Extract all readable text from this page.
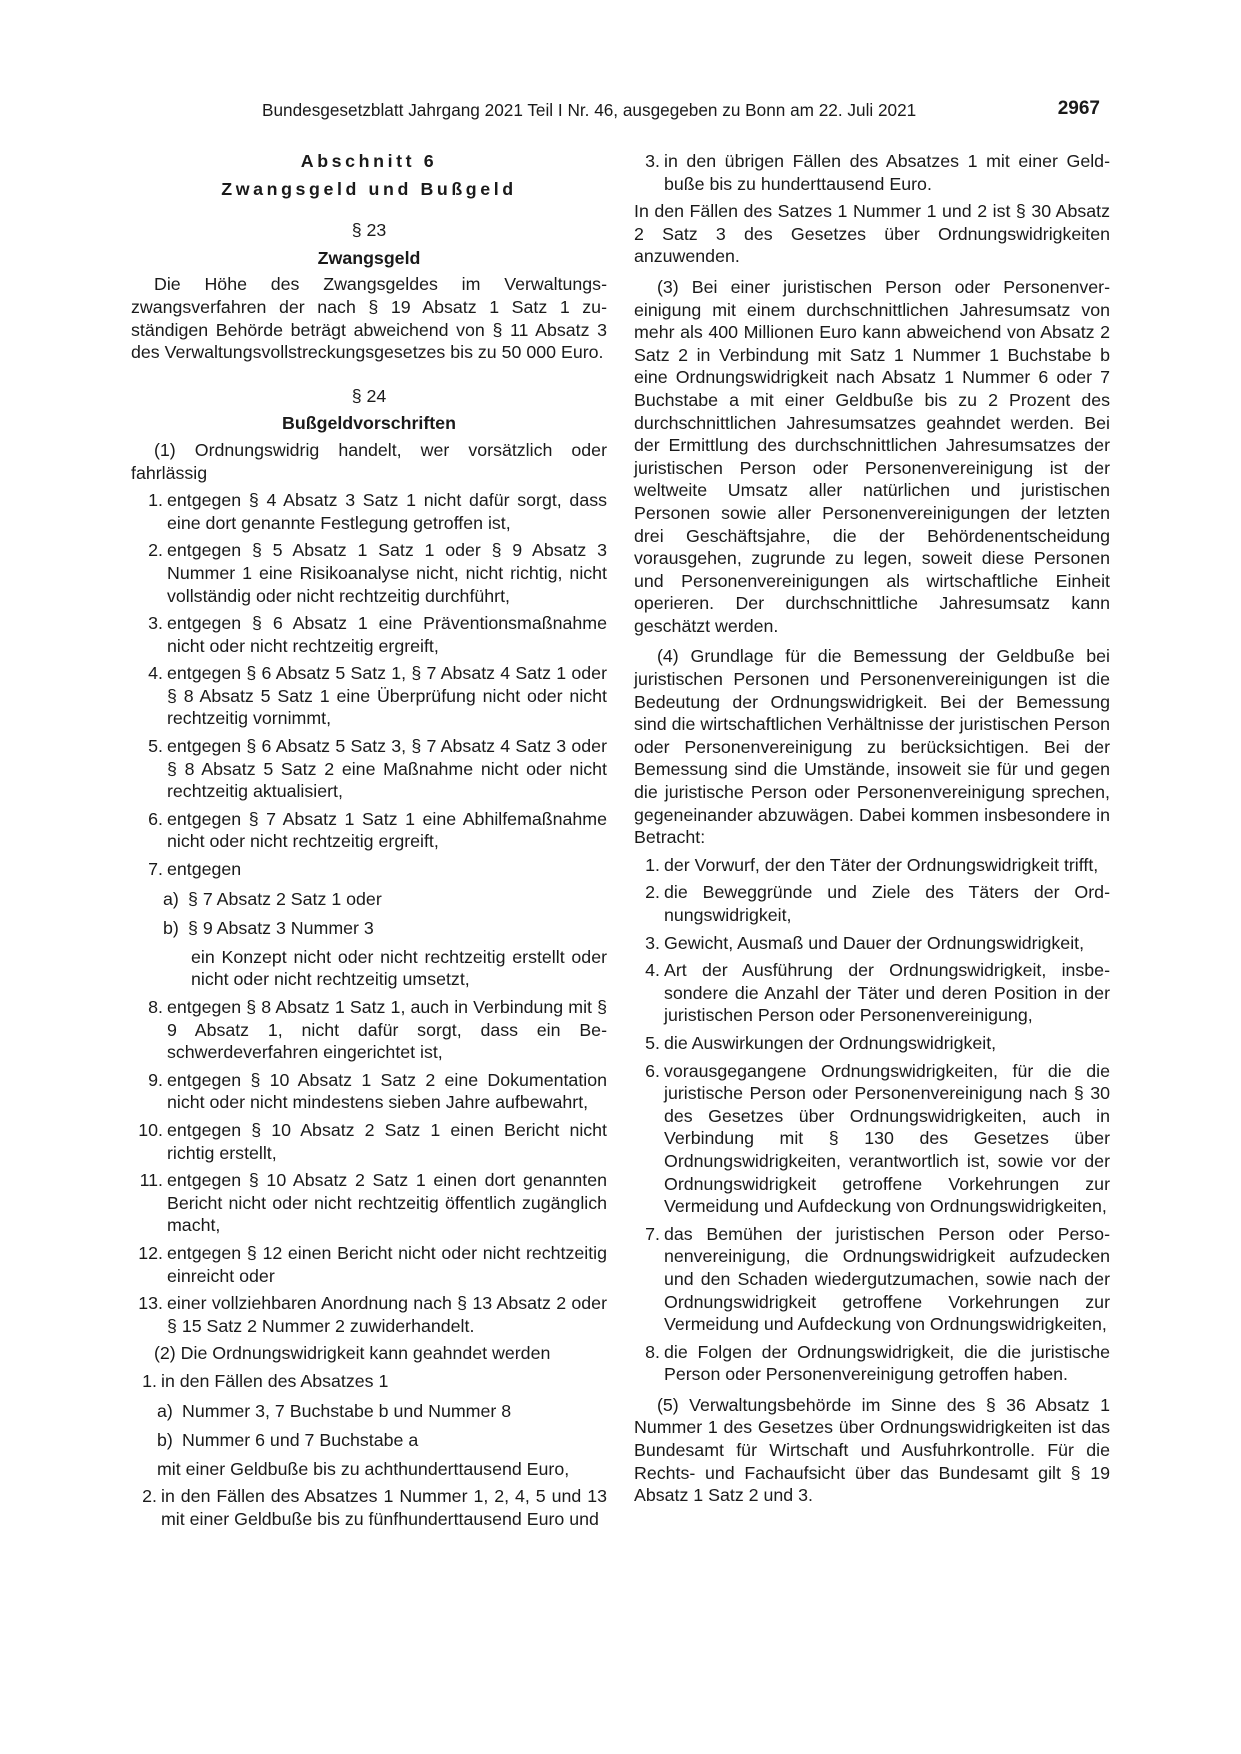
Bundesgesetzblatt Jahrgang 2021 Teil I Nr. 46, ausgegeben zu Bonn am 22. Juli 2021	2967

Abschnitt 6

Zwangsgeld und Bußgeld

§ 23

Zwangsgeld

Die Höhe des Zwangsgeldes im Verwaltungszwangsverfahren der nach § 19 Absatz 1 Satz 1 zuständigen Behörde beträgt abweichend von § 11 Absatz 3 des Verwaltungsvollstreckungsgesetzes bis zu 50 000 Euro.

§ 24

Bußgeldvorschriften

(1) Ordnungswidrig handelt, wer vorsätzlich oder fahrlässig

1. entgegen § 4 Absatz 3 Satz 1 nicht dafür sorgt, dass eine dort genannte Festlegung getroffen ist,
2. entgegen § 5 Absatz 1 Satz 1 oder § 9 Absatz 3 Nummer 1 eine Risikoanalyse nicht, nicht richtig, nicht vollständig oder nicht rechtzeitig durchführt,
3. entgegen § 6 Absatz 1 eine Präventionsmaßnahme nicht oder nicht rechtzeitig ergreift,
4. entgegen § 6 Absatz 5 Satz 1, § 7 Absatz 4 Satz 1 oder § 8 Absatz 5 Satz 1 eine Überprüfung nicht oder nicht rechtzeitig vornimmt,
5. entgegen § 6 Absatz 5 Satz 3, § 7 Absatz 4 Satz 3 oder § 8 Absatz 5 Satz 2 eine Maßnahme nicht oder nicht rechtzeitig aktualisiert,
6. entgegen § 7 Absatz 1 Satz 1 eine Abhilfemaßnahme nicht oder nicht rechtzeitig ergreift,
7. entgegen
a) § 7 Absatz 2 Satz 1 oder
b) § 9 Absatz 3 Nummer 3

ein Konzept nicht oder nicht rechtzeitig erstellt oder nicht oder nicht rechtzeitig umsetzt,

8. entgegen § 8 Absatz 1 Satz 1, auch in Verbindung mit § 9 Absatz 1, nicht dafür sorgt, dass ein Beschwerdeverfahren eingerichtet ist,
9. entgegen § 10 Absatz 1 Satz 2 eine Dokumentation nicht oder nicht mindestens sieben Jahre aufbewahrt,
10. entgegen § 10 Absatz 2 Satz 1 einen Bericht nicht richtig erstellt,
11. entgegen § 10 Absatz 2 Satz 1 einen dort genannten Bericht nicht oder nicht rechtzeitig öffentlich zugänglich macht,
12. entgegen § 12 einen Bericht nicht oder nicht rechtzeitig einreicht oder
13. einer vollziehbaren Anordnung nach § 13 Absatz 2 oder § 15 Satz 2 Nummer 2 zuwiderhandelt.

(2) Die Ordnungswidrigkeit kann geahndet werden

1. in den Fällen des Absatzes 1
a) Nummer 3, 7 Buchstabe b und Nummer 8
b) Nummer 6 und 7 Buchstabe a

mit einer Geldbuße bis zu achthunderttausend Euro,

2. in den Fällen des Absatzes 1 Nummer 1, 2, 4, 5 und 13 mit einer Geldbuße bis zu fünfhunderttausend Euro und
3. in den übrigen Fällen des Absatzes 1 mit einer Geldbuße bis zu hunderttausend Euro.

In den Fällen des Satzes 1 Nummer 1 und 2 ist § 30 Absatz 2 Satz 3 des Gesetzes über Ordnungswidrigkeiten anzuwenden.

(3) Bei einer juristischen Person oder Personenvereinigung mit einem durchschnittlichen Jahresumsatz von mehr als 400 Millionen Euro kann abweichend von Absatz 2 Satz 2 in Verbindung mit Satz 1 Nummer 1 Buchstabe b eine Ordnungswidrigkeit nach Absatz 1 Nummer 6 oder 7 Buchstabe a mit einer Geldbuße bis zu 2 Prozent des durchschnittlichen Jahresumsatzes geahndet werden. Bei der Ermittlung des durchschnittlichen Jahresumsatzes der juristischen Person oder Personenvereinigung ist der weltweite Umsatz aller natürlichen und juristischen Personen sowie aller Personenvereinigungen der letzten drei Geschäftsjahre, die der Behördenentscheidung vorausgehen, zugrunde zu legen, soweit diese Personen und Personenvereinigungen als wirtschaftliche Einheit operieren. Der durchschnittliche Jahresumsatz kann geschätzt werden.

(4) Grundlage für die Bemessung der Geldbuße bei juristischen Personen und Personenvereinigungen ist die Bedeutung der Ordnungswidrigkeit. Bei der Bemessung sind die wirtschaftlichen Verhältnisse der juristischen Person oder Personenvereinigung zu berücksichtigen. Bei der Bemessung sind die Umstände, insoweit sie für und gegen die juristische Person oder Personenvereinigung sprechen, gegeneinander abzuwägen. Dabei kommen insbesondere in Betracht:

1. der Vorwurf, der den Täter der Ordnungswidrigkeit trifft,
2. die Beweggründe und Ziele des Täters der Ordnungswidrigkeit,
3. Gewicht, Ausmaß und Dauer der Ordnungswidrigkeit,
4. Art der Ausführung der Ordnungswidrigkeit, insbesondere die Anzahl der Täter und deren Position in der juristischen Person oder Personenvereinigung,
5. die Auswirkungen der Ordnungswidrigkeit,
6. vorausgegangene Ordnungswidrigkeiten, für die die juristische Person oder Personenvereinigung nach § 30 des Gesetzes über Ordnungswidrigkeiten, auch in Verbindung mit § 130 des Gesetzes über Ordnungswidrigkeiten, verantwortlich ist, sowie vor der Ordnungswidrigkeit getroffene Vorkehrungen zur Vermeidung und Aufdeckung von Ordnungswidrigkeiten,
7. das Bemühen der juristischen Person oder Personenvereinigung, die Ordnungswidrigkeit aufzudecken und den Schaden wiedergutzumachen, sowie nach der Ordnungswidrigkeit getroffene Vorkehrungen zur Vermeidung und Aufdeckung von Ordnungswidrigkeiten,
8. die Folgen der Ordnungswidrigkeit, die die juristische Person oder Personenvereinigung getroffen haben.

(5) Verwaltungsbehörde im Sinne des § 36 Absatz 1 Nummer 1 des Gesetzes über Ordnungswidrigkeiten ist das Bundesamt für Wirtschaft und Ausfuhrkontrolle. Für die Rechts- und Fachaufsicht über das Bundesamt gilt § 19 Absatz 1 Satz 2 und 3.
